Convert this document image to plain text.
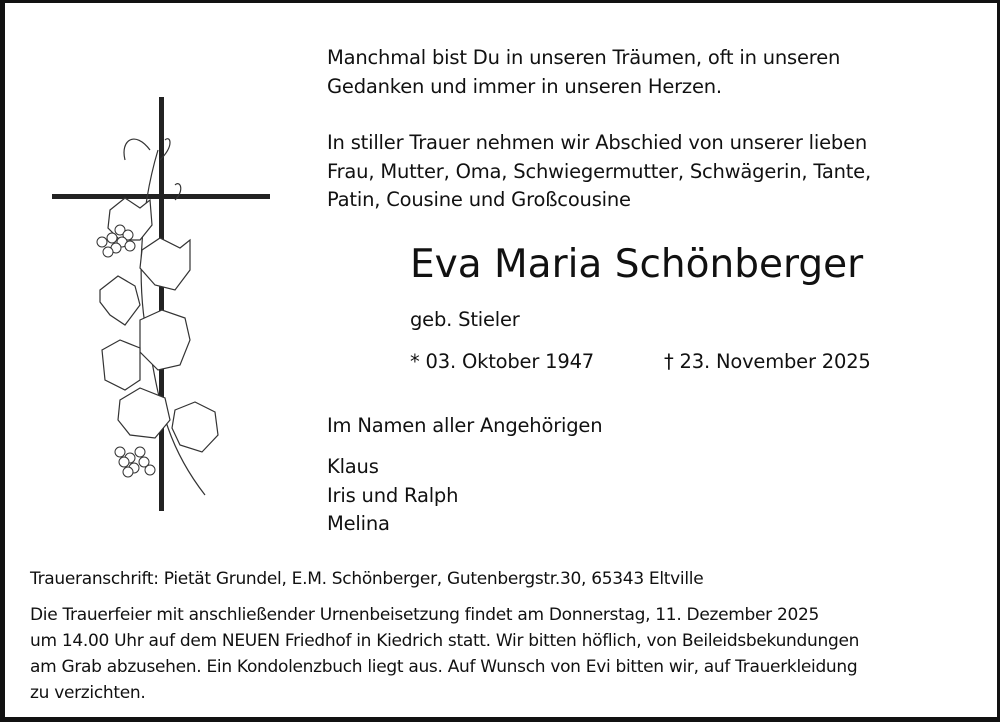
Manchmal bist Du in unseren Träumen, oft in unseren
Gedanken und immer in unseren Herzen.
In stiller Trauer nehmen wir Abschied von unserer lieben
Frau, Mutter, Oma, Schwiegermutter, Schwägerin, Tante,
Patin, Cousine und Großcousine
Eva Maria Schönberger
geb. Stieler
* 03. Oktober 1947	† 23. November 2025
Im Namen aller Angehörigen
Klaus
Iris und Ralph
Melina
Traueranschrift: Pietät Grundel, E.M. Schönberger, Gutenbergstr.30, 65343 Eltville
Die Trauerfeier mit anschließender Urnenbeisetzung findet am Donnerstag, 11. Dezember 2025
um 14.00 Uhr auf dem NEUEN Friedhof in Kiedrich statt. Wir bitten höflich, von Beileidsbekundungen
am Grab abzusehen. Ein Kondolenzbuch liegt aus. Auf Wunsch von Evi bitten wir, auf Trauerkleidung
zu verzichten.
